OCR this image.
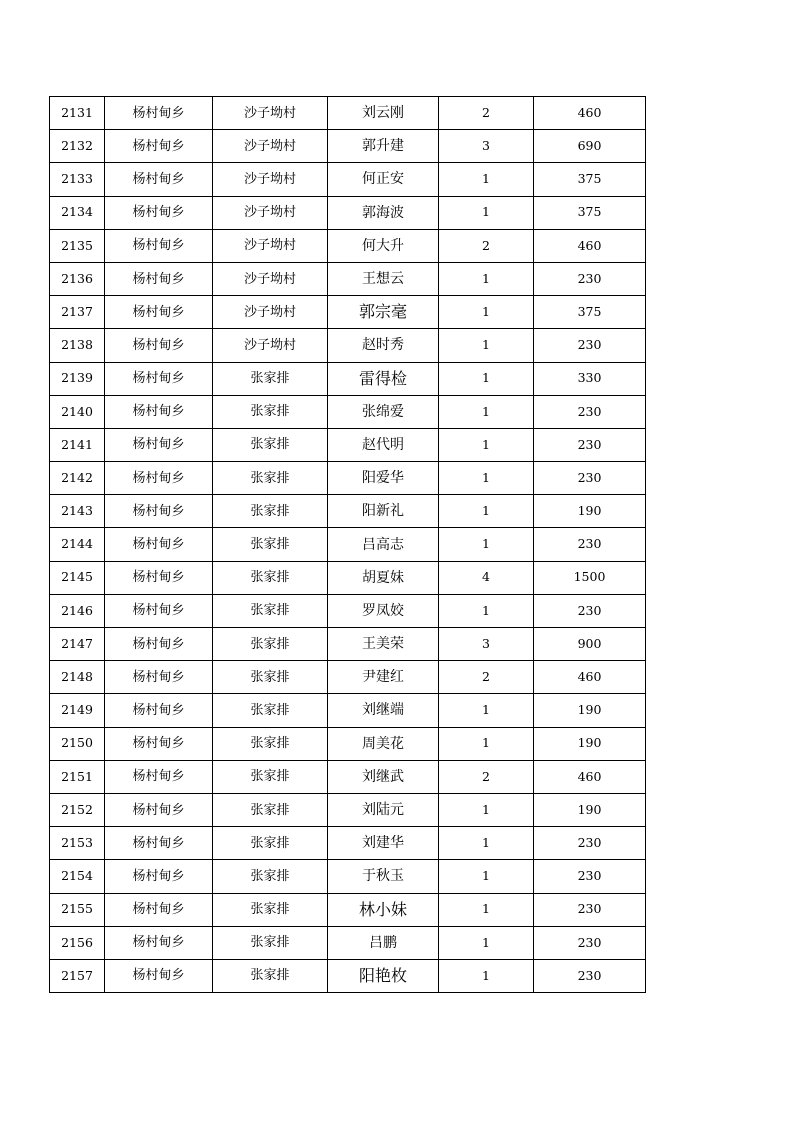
2131	杨村甸乡	沙子坳村	刘云刚	2	460
2132	杨村甸乡	沙子坳村	郭升建	3	690
2133	杨村甸乡	沙子坳村	何正安	1	375
2134	杨村甸乡	沙子坳村	郭海波	1	375
2135	杨村甸乡	沙子坳村	何大升	2	460
2136	杨村甸乡	沙子坳村	王想云	1	230
2137	杨村甸乡	沙子坳村	郭宗毫	1	375
2138	杨村甸乡	沙子坳村	赵时秀	1	230
2139	杨村甸乡	张家排	雷得检	1	330
2140	杨村甸乡	张家排	张绵爱	1	230
2141	杨村甸乡	张家排	赵代明	1	230
2142	杨村甸乡	张家排	阳爱华	1	230
2143	杨村甸乡	张家排	阳新礼	1	190
2144	杨村甸乡	张家排	吕高志	1	230
2145	杨村甸乡	张家排	胡夏妹	4	1500
2146	杨村甸乡	张家排	罗凤姣	1	230
2147	杨村甸乡	张家排	王美荣	3	900
2148	杨村甸乡	张家排	尹建红	2	460
2149	杨村甸乡	张家排	刘继端	1	190
2150	杨村甸乡	张家排	周美花	1	190
2151	杨村甸乡	张家排	刘继武	2	460
2152	杨村甸乡	张家排	刘陆元	1	190
2153	杨村甸乡	张家排	刘建华	1	230
2154	杨村甸乡	张家排	于秋玉	1	230
2155	杨村甸乡	张家排	林小妹	1	230
2156	杨村甸乡	张家排	吕鹏	1	230
2157	杨村甸乡	张家排	阳艳枚	1	230
